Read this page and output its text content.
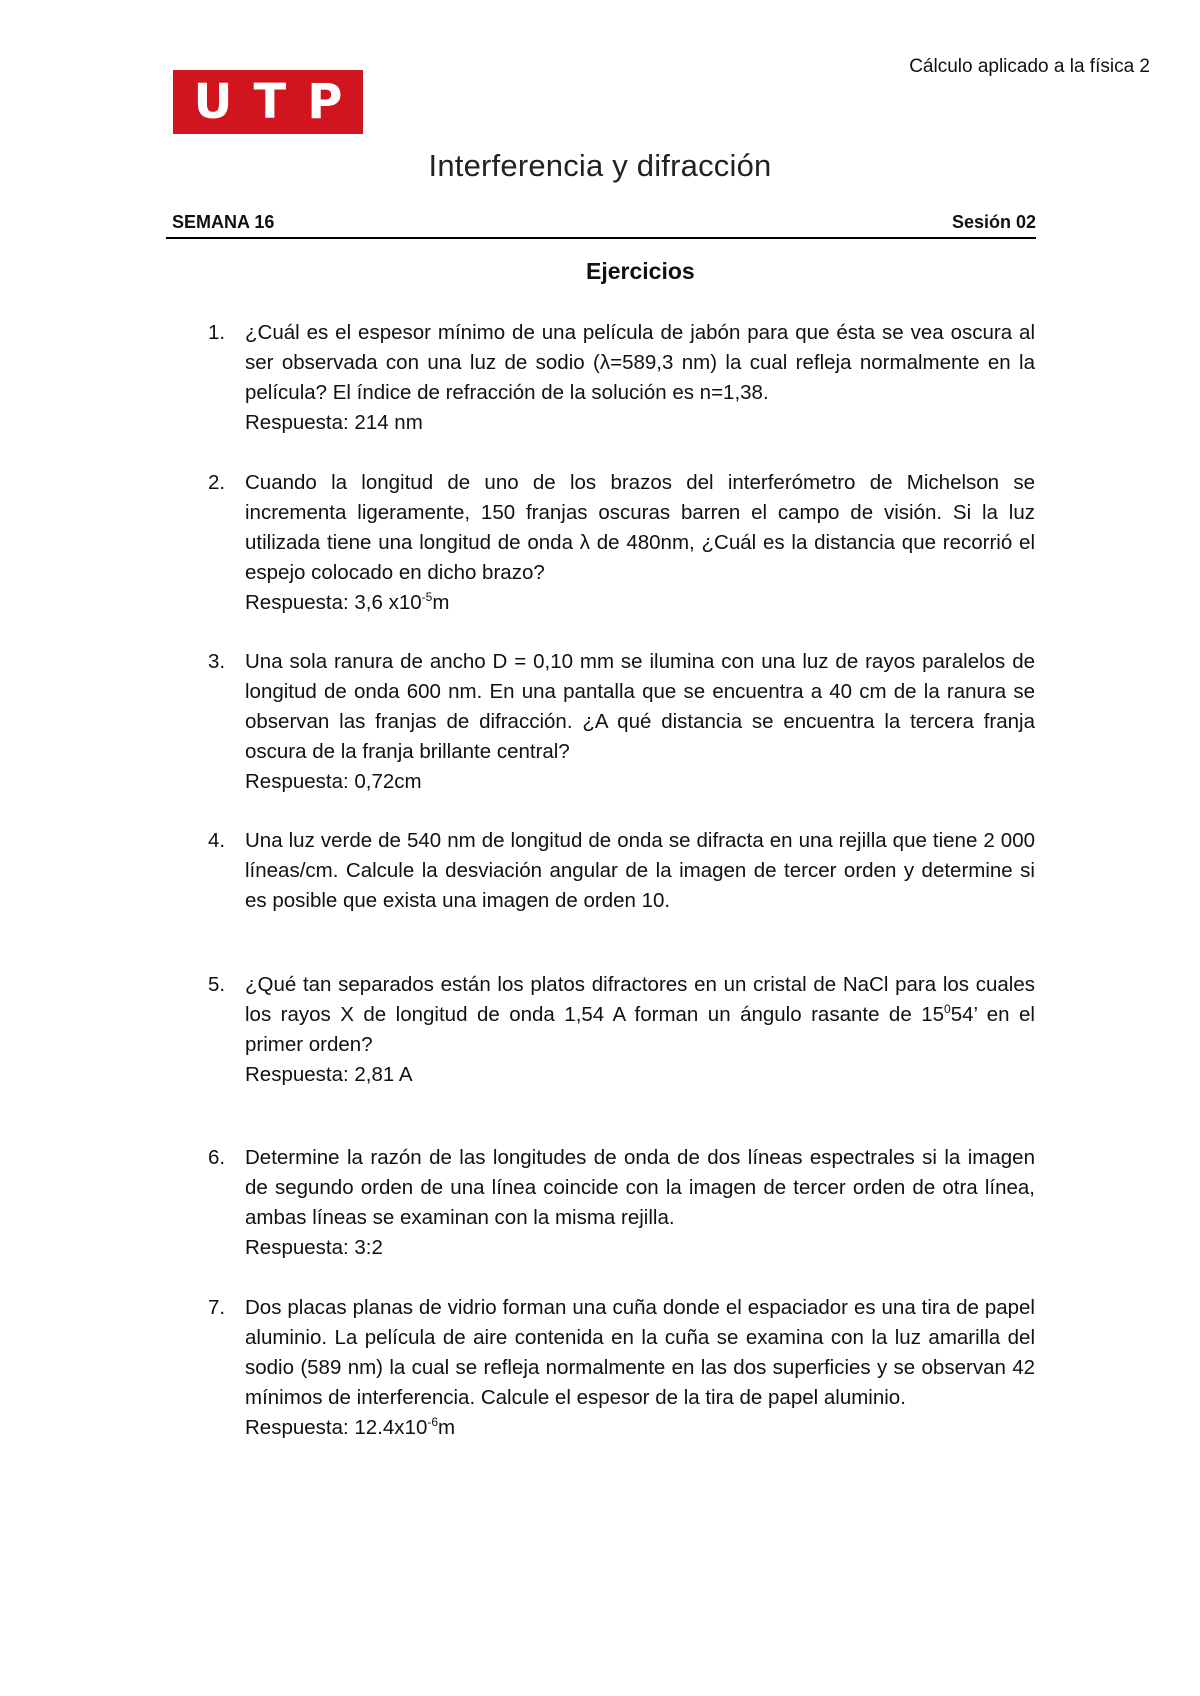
Cálculo aplicado a la física 2
U T P
Interferencia y difracción
SEMANA 16	Sesión 02
Ejercicios
1. ¿Cuál es el espesor mínimo de una película de jabón para que ésta se vea oscura al ser observada con una luz de sodio (λ=589,3 nm) la cual refleja normalmente en la película? El índice de refracción de la solución es n=1,38.
Respuesta: 214 nm
2. Cuando la longitud de uno de los brazos del interferómetro de Michelson se incrementa ligeramente, 150 franjas oscuras barren el campo de visión. Si la luz utilizada tiene una longitud de onda λ de 480nm, ¿Cuál es la distancia que recorrió el espejo colocado en dicho brazo?
Respuesta: 3,6 $x10^{-5}m$
3. Una sola ranura de ancho D = 0,10 mm se ilumina con una luz de rayos paralelos de longitud de onda 600 nm. En una pantalla que se encuentra a 40 cm de la ranura se observan las franjas de difracción. ¿A qué distancia se encuentra la tercera franja oscura de la franja brillante central?
Respuesta: 0,72cm
4. Una luz verde de 540 nm de longitud de onda se difracta en una rejilla que tiene 2 000 líneas/cm. Calcule la desviación angular de la imagen de tercer orden y determine si es posible que exista una imagen de orden 10.
5. ¿Qué tan separados están los platos difractores en un cristal de NaCl para los cuales los rayos X de longitud de onda 1,54 A forman un ángulo rasante de $15^054$’ en el primer orden?
Respuesta: 2,81 A
6. Determine la razón de las longitudes de onda de dos líneas espectrales si la imagen de segundo orden de una línea coincide con la imagen de tercer orden de otra línea, ambas líneas se examinan con la misma rejilla.
Respuesta: 3:2
7. Dos placas planas de vidrio forman una cuña donde el espaciador es una tira de papel aluminio. La película de aire contenida en la cuña se examina con la luz amarilla del sodio (589 nm) la cual se refleja normalmente en las dos superficies y se observan 42 mínimos de interferencia. Calcule el espesor de la tira de papel aluminio.
Respuesta: $12.4x10^{-6}m$
